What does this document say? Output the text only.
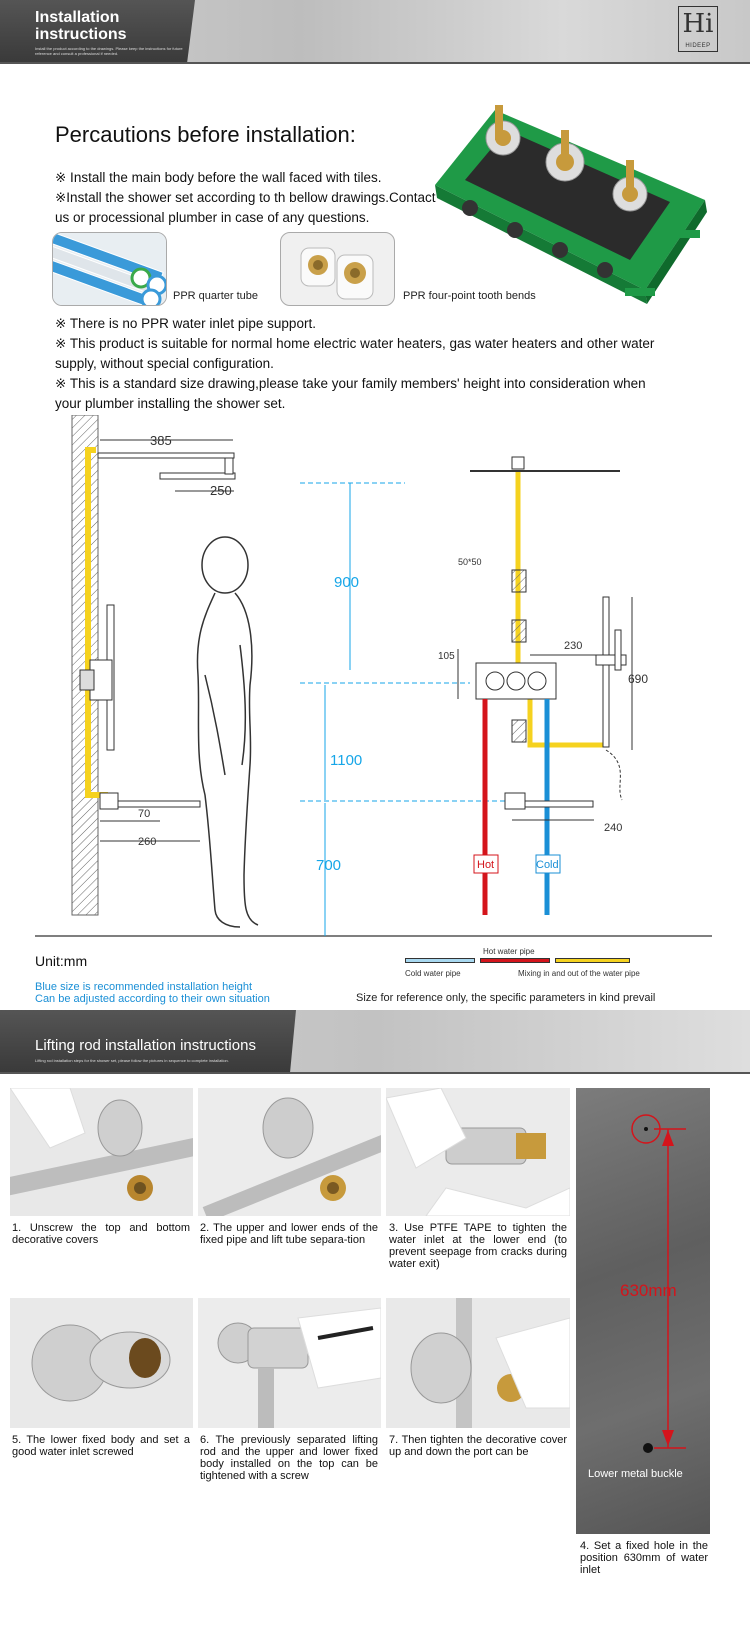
Installation
instructions
Install the product according to the drawings. Please keep the instructions for future reference and consult a professional if needed.
Hi
HIDEEP
Percautions before installation:
※ Install the main body before the wall faced with tiles.
※Install the shower set according to th bellow drawings.Contact
us or processional plumber in case of any questions.
PPR quarter tube	PPR four-point tooth bends
※ There is no PPR water inlet pipe support.
※ This product is suitable for normal home electric water heaters, gas water heaters and other water
supply, without special configuration.
※ This is a standard size drawing,please take your family members' height into consideration when
your plumber installing the shower set.
385
250
70
260
900
1100
700	Hot	Cold
50*50
105
230
690
240
Hot water pipe
Cold water pipe	Mixing in and out of the water pipe
Unit:mm
Blue size is recommended installation height
Can be adjusted according to their own situation	Size for reference only, the specific parameters in kind prevail
Lifting rod installation instructions
Lifting rod installation steps for the shower set, please follow the pictures in sequence to complete installation.
1. Unscrew the top and bottom decorative covers
2. The upper and lower ends of the fixed pipe and lift tube separa-tion
3. Use PTFE TAPE to tighten the water inlet at the lower end (to prevent seepage from cracks during water exit)
5. The lower fixed body and set a good water inlet screwed
6. The previously separated lifting rod and the upper and lower fixed body installed on the top can be tightened with a screw
7. Then tighten the decorative cover up and down the port can be
630mm
Lower metal buckle
4. Set a fixed hole in the position 630mm of water inlet
